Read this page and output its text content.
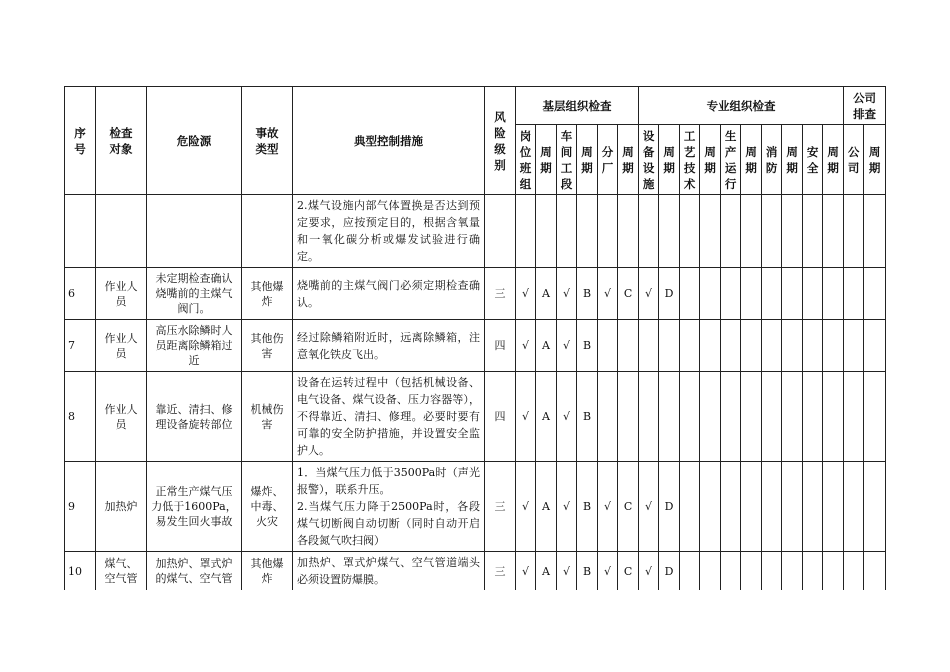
序号	检查对象	危险源	事故类型	典型控制措施	风险级别	基层组织检查						专业组织检查										公司排查	
						岗位班组	周期	车间工段	周期	分厂	周期	设备设施	周期	工艺技术	周期	生产运行	周期	消防	周期	安全	周期	公司	周期
				2.煤气设施内部气体置换是否达到预定要求，应按预定目的，根据含氧量和一氧化碳分析或爆发试验进行确定。																			
6	作业人员	未定期检查确认烧嘴前的主煤气阀门。	其他爆炸	烧嘴前的主煤气阀门必须定期检查确认。	三	√	A	√	B	√	C	√	D										
7	作业人员	高压水除鳞时人员距离除鳞箱过近	其他伤害	经过除鳞箱附近时，远离除鳞箱，注意氧化铁皮飞出。	四	√	A	√	B														
8	作业人员	靠近、清扫、修理设备旋转部位	机械伤害	设备在运转过程中（包括机械设备、电气设备、煤气设备、压力容器等），不得靠近、清扫、修理。必要时要有可靠的安全防护措施，并设置安全监护人。	四	√	A	√	B														
9	加热炉	正常生产煤气压力低于1600Pa，易发生回火事故	爆炸、中毒、火灾	1．当煤气压力低于3500Pa时（声光报警），联系升压。
2.当煤气压力降于2500Pa时，各段煤气切断阀自动切断（同时自动开启各段氮气吹扫阀）	三	√	A	√	B	√	C	√	D										
10	煤气、空气管	加热炉、罩式炉的煤气、空气管	其他爆炸	加热炉、罩式炉煤气、空气管道端头必须设置防爆膜。	三	√	A	√	B	√	C	√	D										
